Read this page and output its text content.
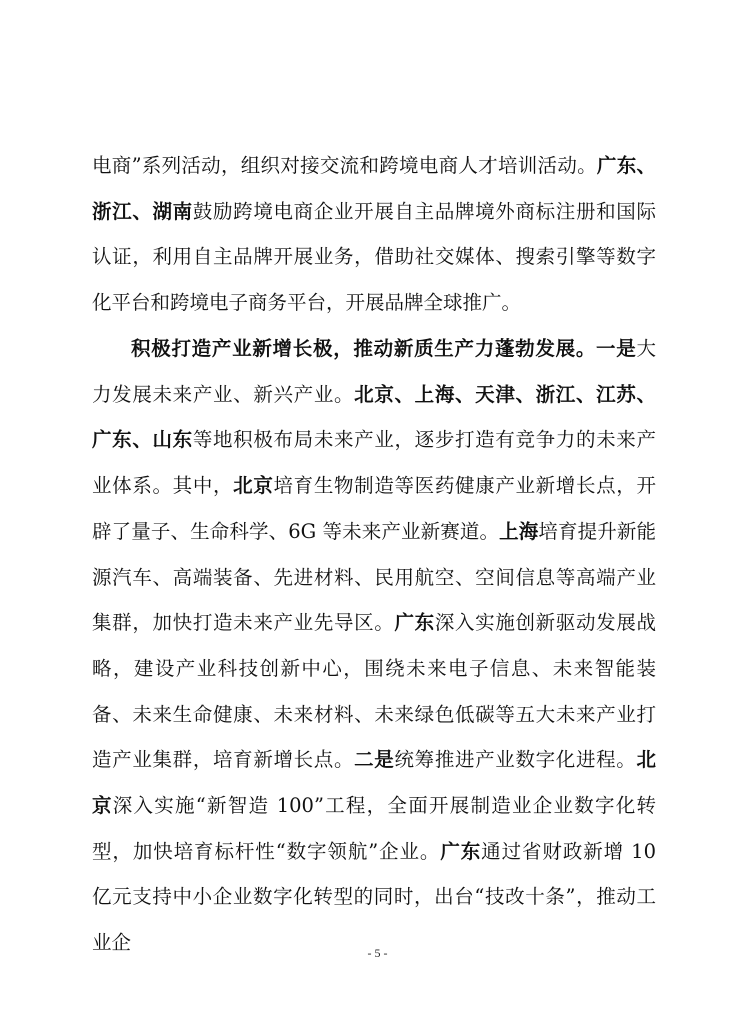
电商”系列活动，组织对接交流和跨境电商人才培训活动。广东、浙江、湖南鼓励跨境电商企业开展自主品牌境外商标注册和国际认证，利用自主品牌开展业务，借助社交媒体、搜索引擎等数字化平台和跨境电子商务平台，开展品牌全球推广。
积极打造产业新增长极，推动新质生产力蓬勃发展。一是大力发展未来产业、新兴产业。北京、上海、天津、浙江、江苏、广东、山东等地积极布局未来产业，逐步打造有竞争力的未来产业体系。其中，北京培育生物制造等医药健康产业新增长点，开辟了量子、生命科学、6G 等未来产业新赛道。上海培育提升新能源汽车、高端装备、先进材料、民用航空、空间信息等高端产业集群，加快打造未来产业先导区。广东深入实施创新驱动发展战略，建设产业科技创新中心，围绕未来电子信息、未来智能装备、未来生命健康、未来材料、未来绿色低碳等五大未来产业打造产业集群，培育新增长点。二是统筹推进产业数字化进程。北京深入实施“新智造 100”工程，全面开展制造业企业数字化转型，加快培育标杆性“数字领航”企业。广东通过省财政新增 10 亿元支持中小企业数字化转型的同时，出台“技改十条”，推动工业企	- 5 -
